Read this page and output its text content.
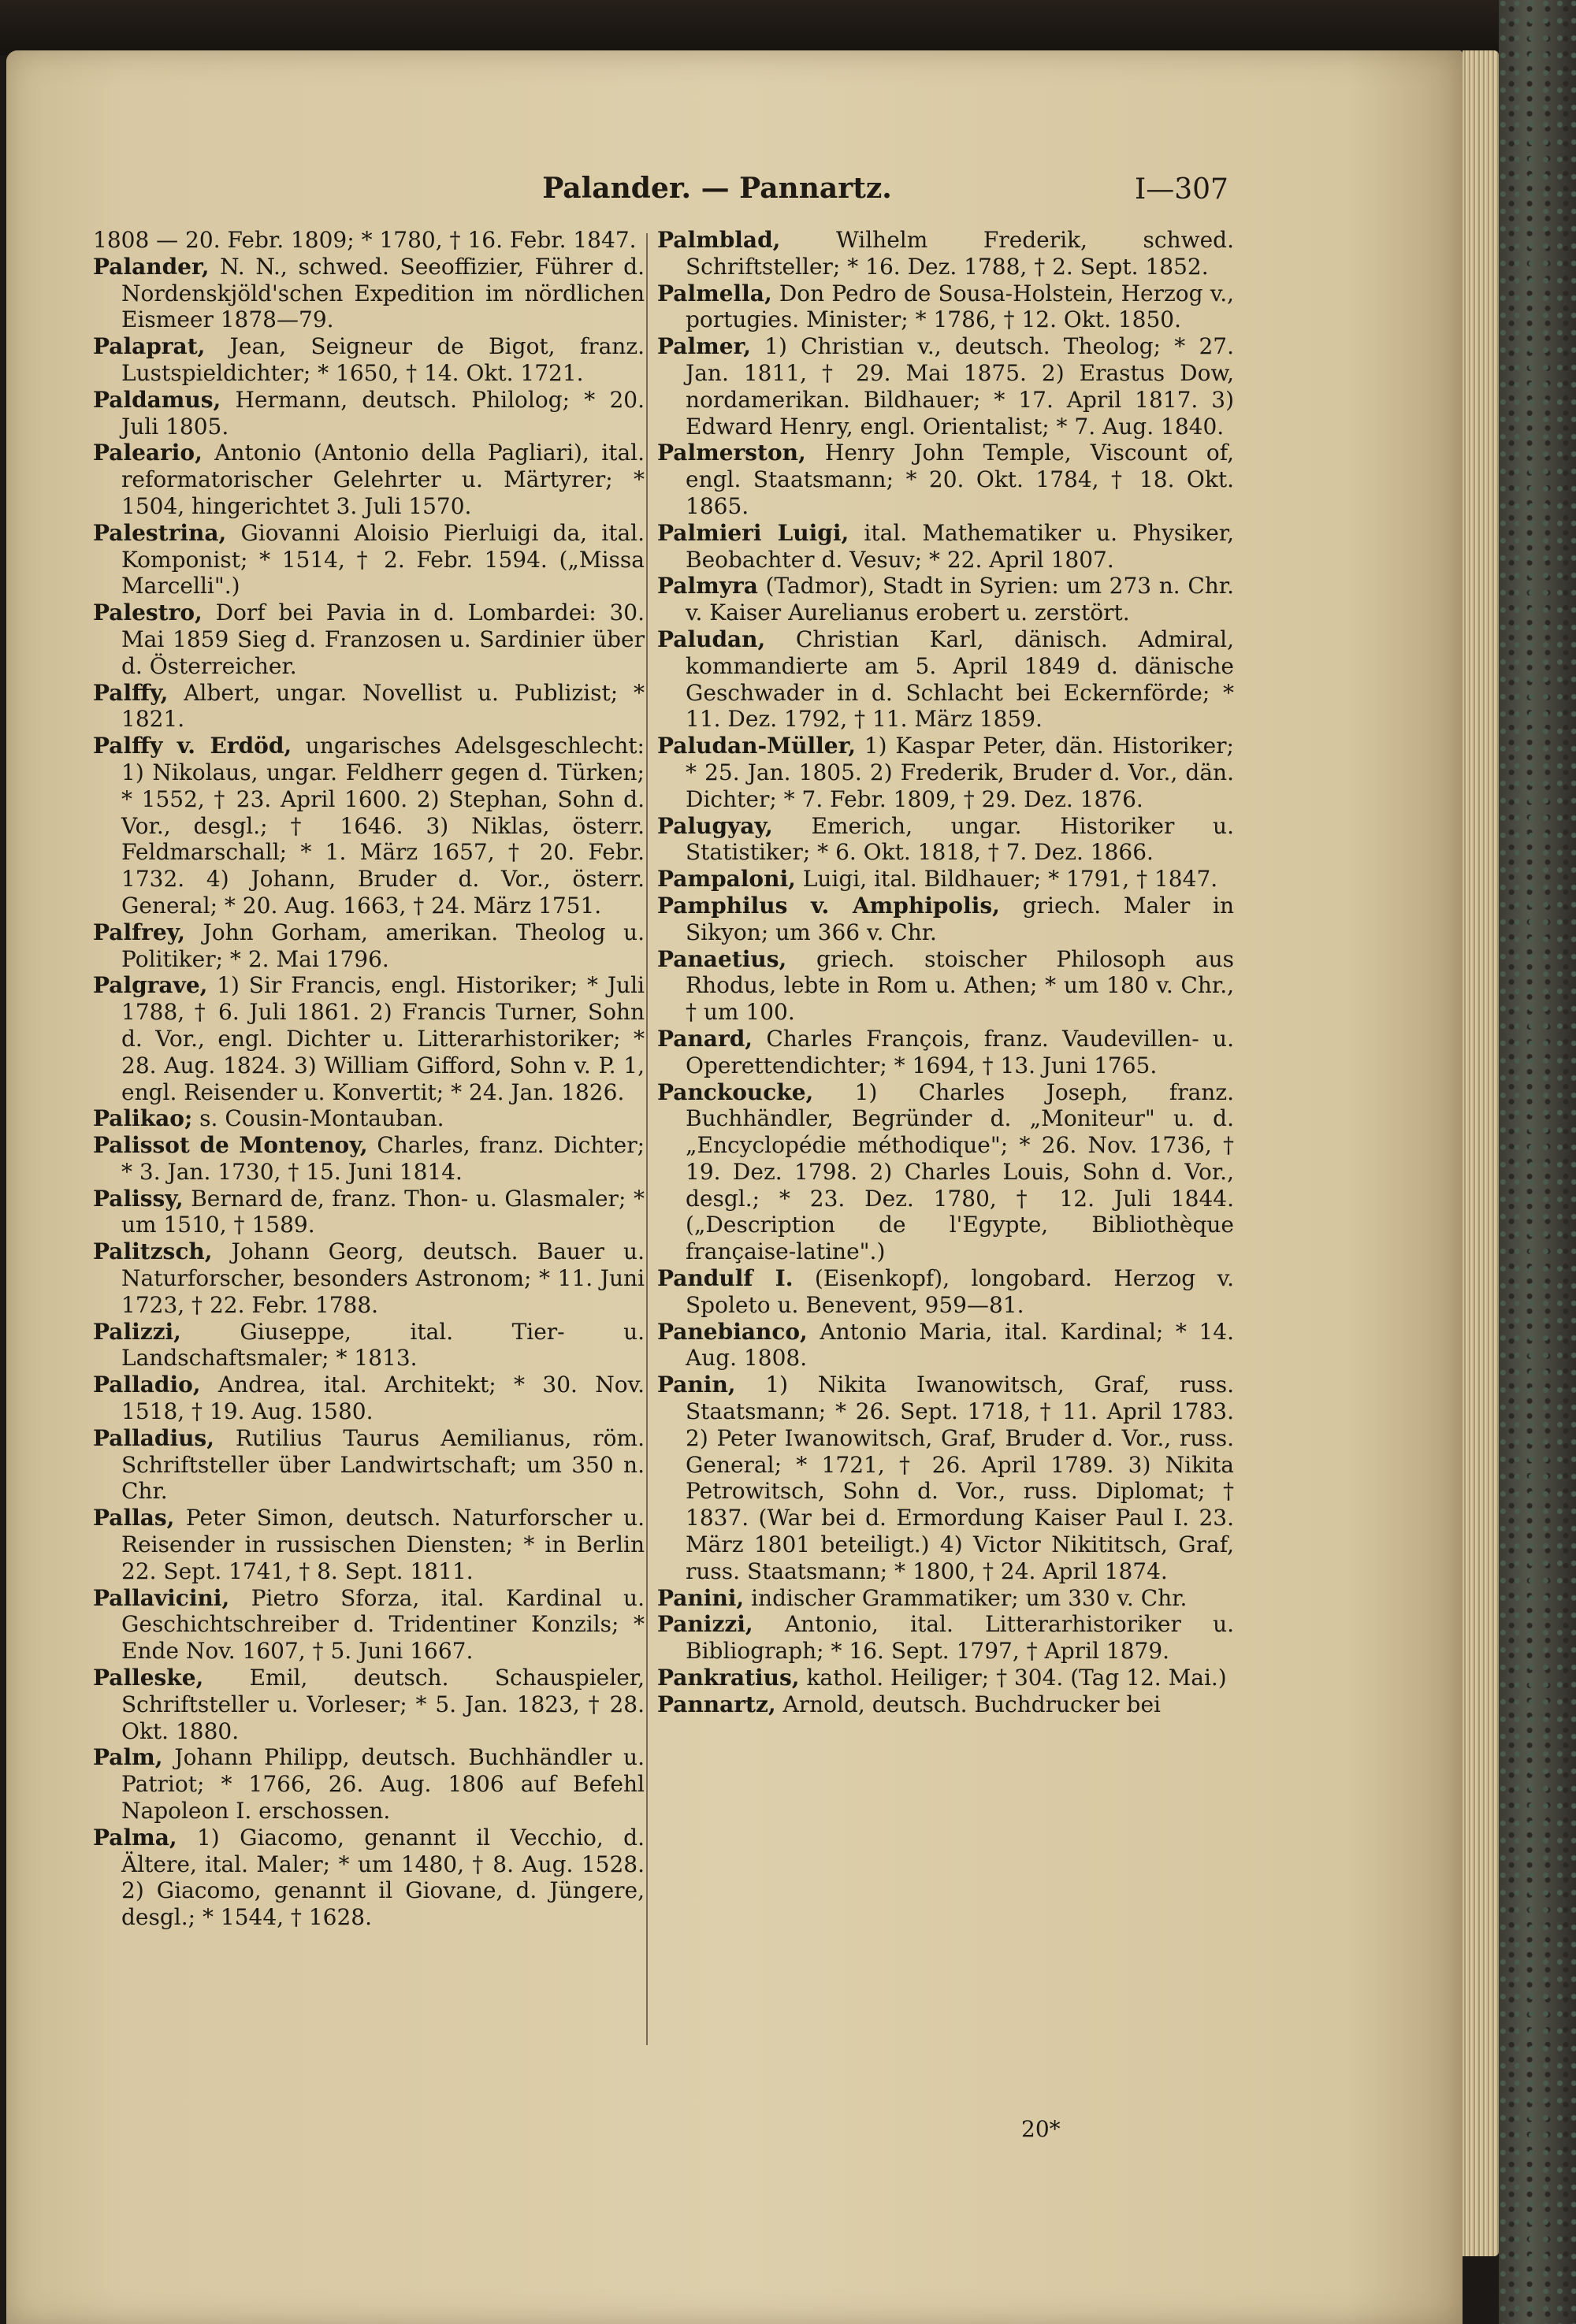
Palander. — Pannartz.	I—307

1808 — 20. Febr. 1809; * 1780, † 16. Febr. 1847.

Palander, N. N., schwed. Seeoffizier, Führer d. Nordenskjöld'schen Expedition im nördlichen Eismeer 1878—79.

Palaprat, Jean, Seigneur de Bigot, franz. Lustspieldichter; * 1650, † 14. Okt. 1721.

Paldamus, Hermann, deutsch. Philolog; * 20. Juli 1805.

Paleario, Antonio (Antonio della Pagliari), ital. reformatorischer Gelehrter u. Märtyrer; * 1504, hingerichtet 3. Juli 1570.

Palestrina, Giovanni Aloisio Pierluigi da, ital. Komponist; * 1514, † 2. Febr. 1594. („Missa Marcelli".)

Palestro, Dorf bei Pavia in d. Lombardei: 30. Mai 1859 Sieg d. Franzosen u. Sardinier über d. Österreicher.

Palffy, Albert, ungar. Novellist u. Publizist; * 1821.

Palffy v. Erdöd, ungarisches Adelsgeschlecht: 1) Nikolaus, ungar. Feldherr gegen d. Türken; * 1552, † 23. April 1600. 2) Stephan, Sohn d. Vor., desgl.; † 1646. 3) Niklas, österr. Feldmarschall; * 1. März 1657, † 20. Febr. 1732. 4) Johann, Bruder d. Vor., österr. General; * 20. Aug. 1663, † 24. März 1751.

Palfrey, John Gorham, amerikan. Theolog u. Politiker; * 2. Mai 1796.

Palgrave, 1) Sir Francis, engl. Historiker; * Juli 1788, † 6. Juli 1861. 2) Francis Turner, Sohn d. Vor., engl. Dichter u. Litterarhistoriker; * 28. Aug. 1824. 3) William Gifford, Sohn v. P. 1, engl. Reisender u. Konvertit; * 24. Jan. 1826.

Palikao; s. Cousin-Montauban.

Palissot de Montenoy, Charles, franz. Dichter; * 3. Jan. 1730, † 15. Juni 1814.

Palissy, Bernard de, franz. Thon- u. Glasmaler; * um 1510, † 1589.

Palitzsch, Johann Georg, deutsch. Bauer u. Naturforscher, besonders Astronom; * 11. Juni 1723, † 22. Febr. 1788.

Palizzi, Giuseppe, ital. Tier- u. Landschaftsmaler; * 1813.

Palladio, Andrea, ital. Architekt; * 30. Nov. 1518, † 19. Aug. 1580.

Palladius, Rutilius Taurus Aemilianus, röm. Schriftsteller über Landwirtschaft; um 350 n. Chr.

Pallas, Peter Simon, deutsch. Naturforscher u. Reisender in russischen Diensten; * in Berlin 22. Sept. 1741, † 8. Sept. 1811.

Pallavicini, Pietro Sforza, ital. Kardinal u. Geschichtschreiber d. Tridentiner Konzils; * Ende Nov. 1607, † 5. Juni 1667.

Palleske, Emil, deutsch. Schauspieler, Schriftsteller u. Vorleser; * 5. Jan. 1823, † 28. Okt. 1880.

Palm, Johann Philipp, deutsch. Buchhändler u. Patriot; * 1766, 26. Aug. 1806 auf Befehl Napoleon I. erschossen.

Palma, 1) Giacomo, genannt il Vecchio, d. Ältere, ital. Maler; * um 1480, † 8. Aug. 1528. 2) Giacomo, genannt il Giovane, d. Jüngere, desgl.; * 1544, † 1628.

Palmblad, Wilhelm Frederik, schwed. Schriftsteller; * 16. Dez. 1788, † 2. Sept. 1852.

Palmella, Don Pedro de Sousa-Holstein, Herzog v., portugies. Minister; * 1786, † 12. Okt. 1850.

Palmer, 1) Christian v., deutsch. Theolog; * 27. Jan. 1811, † 29. Mai 1875. 2) Erastus Dow, nordamerikan. Bildhauer; * 17. April 1817. 3) Edward Henry, engl. Orientalist; * 7. Aug. 1840.

Palmerston, Henry John Temple, Viscount of, engl. Staatsmann; * 20. Okt. 1784, † 18. Okt. 1865.

Palmieri Luigi, ital. Mathematiker u. Physiker, Beobachter d. Vesuv; * 22. April 1807.

Palmyra (Tadmor), Stadt in Syrien: um 273 n. Chr. v. Kaiser Aurelianus erobert u. zerstört.

Paludan, Christian Karl, dänisch. Admiral, kommandierte am 5. April 1849 d. dänische Geschwader in d. Schlacht bei Eckernförde; * 11. Dez. 1792, † 11. März 1859.

Paludan-Müller, 1) Kaspar Peter, dän. Historiker; * 25. Jan. 1805. 2) Frederik, Bruder d. Vor., dän. Dichter; * 7. Febr. 1809, † 29. Dez. 1876.

Palugyay, Emerich, ungar. Historiker u. Statistiker; * 6. Okt. 1818, † 7. Dez. 1866.

Pampaloni, Luigi, ital. Bildhauer; * 1791, † 1847.

Pamphilus v. Amphipolis, griech. Maler in Sikyon; um 366 v. Chr.

Panaetius, griech. stoischer Philosoph aus Rhodus, lebte in Rom u. Athen; * um 180 v. Chr., † um 100.

Panard, Charles François, franz. Vaudevillen- u. Operettendichter; * 1694, † 13. Juni 1765.

Panckoucke, 1) Charles Joseph, franz. Buchhändler, Begründer d. „Moniteur" u. d. „Encyclopédie méthodique"; * 26. Nov. 1736, † 19. Dez. 1798. 2) Charles Louis, Sohn d. Vor., desgl.; * 23. Dez. 1780, † 12. Juli 1844. („Description de l'Egypte, Bibliothèque française-latine".)

Pandulf I. (Eisenkopf), longobard. Herzog v. Spoleto u. Benevent, 959—81.

Panebianco, Antonio Maria, ital. Kardinal; * 14. Aug. 1808.

Panin, 1) Nikita Iwanowitsch, Graf, russ. Staatsmann; * 26. Sept. 1718, † 11. April 1783. 2) Peter Iwanowitsch, Graf, Bruder d. Vor., russ. General; * 1721, † 26. April 1789. 3) Nikita Petrowitsch, Sohn d. Vor., russ. Diplomat; † 1837. (War bei d. Ermordung Kaiser Paul I. 23. März 1801 beteiligt.) 4) Victor Nikititsch, Graf, russ. Staatsmann; * 1800, † 24. April 1874.

Panini, indischer Grammatiker; um 330 v. Chr.

Panizzi, Antonio, ital. Litterarhistoriker u. Bibliograph; * 16. Sept. 1797, † April 1879.

Pankratius, kathol. Heiliger; † 304. (Tag 12. Mai.)

Pannartz, Arnold, deutsch. Buchdrucker bei

20*
